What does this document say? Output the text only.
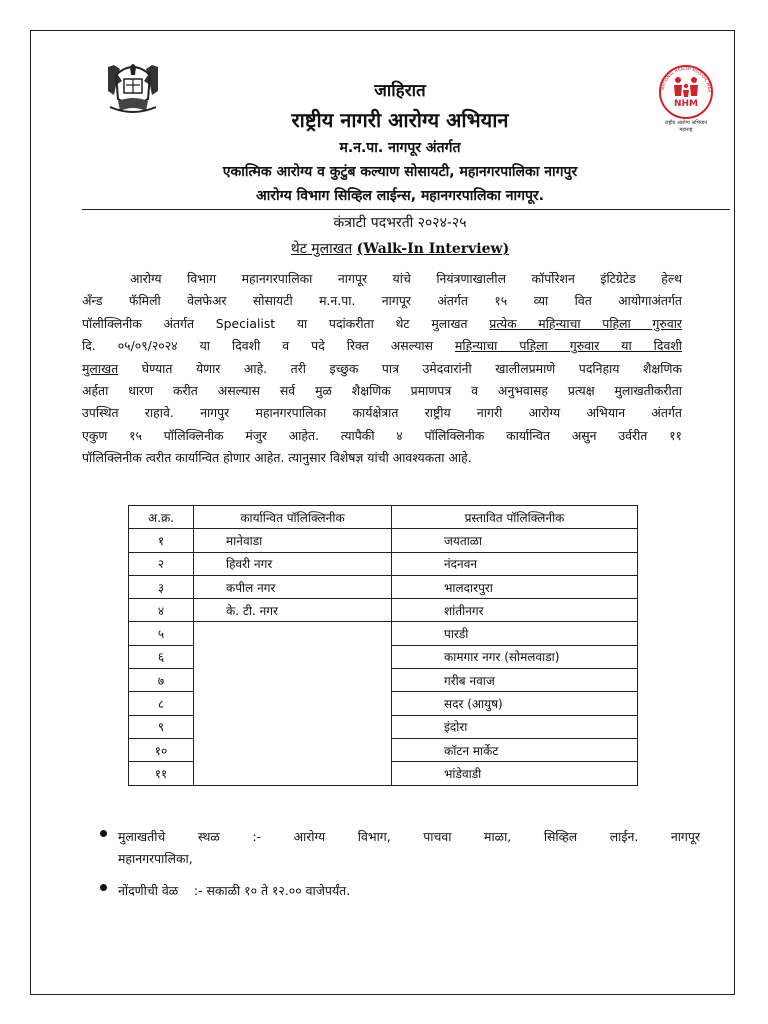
NATIONAL HEALTH MISSION, MAH
NHM
राष्ट्रीय आरोग्य अभियान
महाराष्ट्र
जाहिरात
राष्ट्रीय नागरी आरोग्य अभियान
म.न.पा. नागपूर अंतर्गत
एकात्मिक आरोग्य व कुटुंब कल्याण सोसायटी, महानगरपालिका नागपुर
आरोग्य विभाग सिव्हिल लाईन्स, महानगरपालिका नागपूर.
कंत्राटी पदभरती २०२४-२५
थेट मुलाखत (Walk-In Interview)
आरोग्य विभाग महानगरपालिका नागपूर यांचे नियंत्रणाखालील कॉर्पोरेशन इंटिग्रेटेड हेल्थ
अँन्ड फॅमिली वेलफेअर सोसायटी म.न.पा. नागपूर अंतर्गत १५ व्या वित आयोगाअंतर्गत
पॉलीक्लिनीक अंतर्गत Specialist या पदांकरीता थेट मुलाखत प्रत्येक महिन्याचा पहिला गुरुवार
दि. ०५/०९/२०२४ या दिवशी व पदे रिक्त असल्यास महिन्याचा पहिला गुरुवार या दिवशी
मुलाखत घेण्यात येणार आहे. तरी इच्छुक पात्र उमेदवारांनी खालीलप्रमाणे पदनिहाय शैक्षणिक
अर्हता धारण करीत असल्यास सर्व मुळ शैक्षणिक प्रमाणपत्र व अनुभवासह प्रत्यक्ष मुलाखतीकरीता
उपस्थित राहावे. नागपुर महानगरपालिका कार्यक्षेत्रात राष्ट्रीय नागरी आरोग्य अभियान अंतर्गत
एकुण १५ पॉलिक्लिनीक मंजुर आहेत. त्यापैकी ४ पॉलिक्लिनीक कार्यान्वित असुन उर्वरीत ११
पॉलिक्लिनीक त्वरीत कार्यान्वित होणार आहेत. त्यानुसार विशेषज्ञ यांची आवश्यकता आहे.
अ.क्र.	कार्यान्वित पॉलिक्लिनीक	प्रस्तावित पॉलिक्लिनीक
१	मानेवाडा	जयताळा
२	हिवरी नगर	नंदनवन
३	कपील नगर	भालदारपुरा
४	के. टी. नगर	शांतीनगर
५		पारडी
६		कामगार नगर (सोमलवाडा)
७		गरीब नवाज
८		सदर (आयुष)
९		इंदोरा
१०		कॉटन मार्केट
११		भांडेवाडी
मुलाखतीचे स्थळ :- आरोग्य विभाग, पाचवा माळा, सिव्हिल लाईन. नागपूर
महानगरपालिका,
नोंदणीची वेळ    :- सकाळी १० ते १२.०० वाजेपर्यंत.
